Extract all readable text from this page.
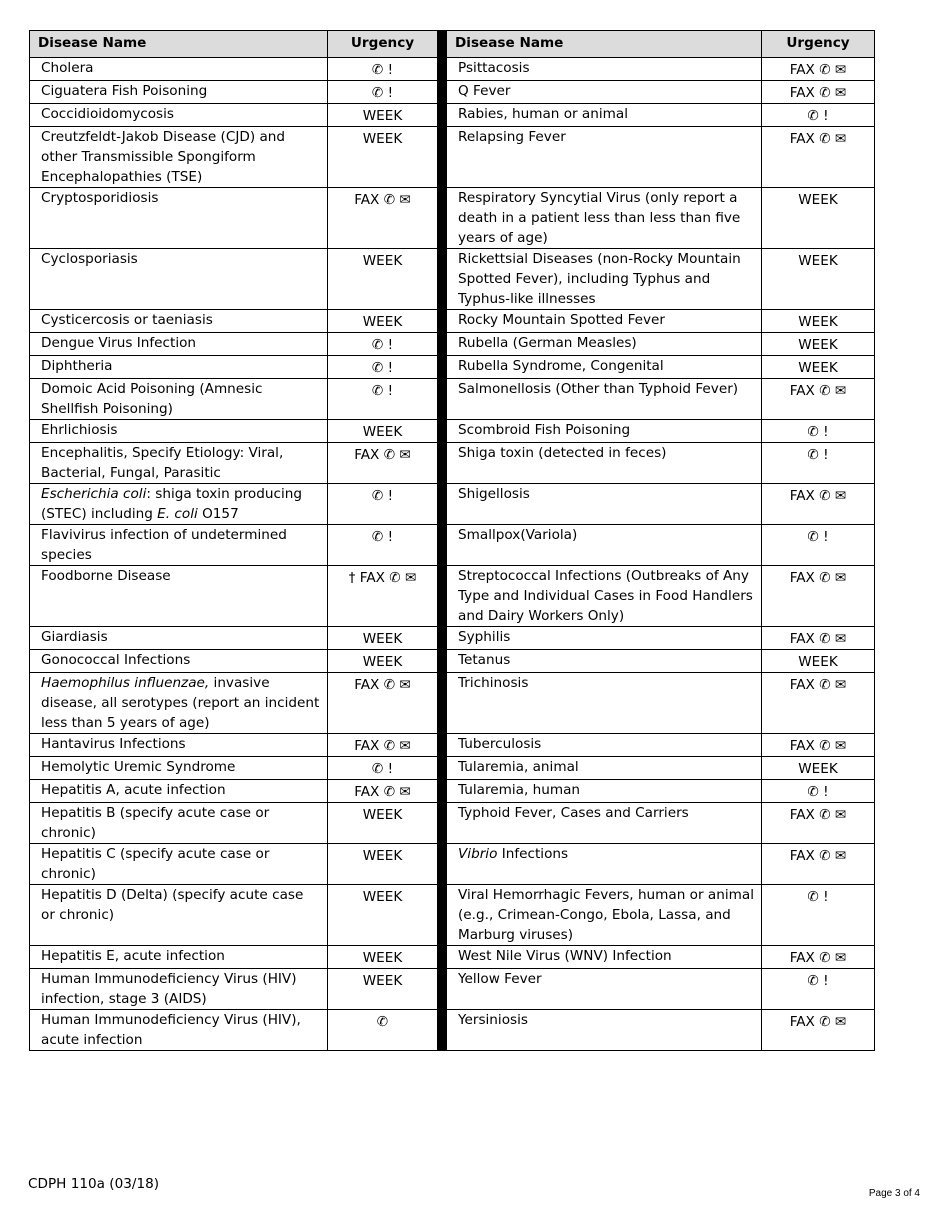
Disease Name	Urgency		Disease Name	Urgency
Cholera	✆ !		Psittacosis	FAX ✆ ✉
Ciguatera Fish Poisoning	✆ !		Q Fever	FAX ✆ ✉
Coccidioidomycosis	WEEK		Rabies, human or animal	✆ !
Creutzfeldt-Jakob Disease (CJD) and other Transmissible Spongiform Encephalopathies (TSE)	WEEK		Relapsing Fever	FAX ✆ ✉
Cryptosporidiosis	FAX ✆ ✉		Respiratory Syncytial Virus (only report a death in a patient less than less than five years of age)	WEEK
Cyclosporiasis	WEEK		Rickettsial Diseases (non-Rocky Mountain Spotted Fever), including Typhus and Typhus-like illnesses	WEEK
Cysticercosis or taeniasis	WEEK		Rocky Mountain Spotted Fever	WEEK
Dengue Virus Infection	✆ !		Rubella (German Measles)	WEEK
Diphtheria	✆ !		Rubella Syndrome, Congenital	WEEK
Domoic Acid Poisoning (Amnesic Shellfish Poisoning)	✆ !		Salmonellosis (Other than Typhoid Fever)	FAX ✆ ✉
Ehrlichiosis	WEEK		Scombroid Fish Poisoning	✆ !
Encephalitis, Specify Etiology: Viral, Bacterial, Fungal, Parasitic	FAX ✆ ✉		Shiga toxin (detected in feces)	✆ !
Escherichia coli: shiga toxin producing (STEC) including E. coli O157	✆ !		Shigellosis	FAX ✆ ✉
Flavivirus infection of undetermined species	✆ !		Smallpox(Variola)	✆ !
Foodborne Disease	† FAX ✆ ✉		Streptococcal Infections (Outbreaks of Any Type and Individual Cases in Food Handlers and Dairy Workers Only)	FAX ✆ ✉
Giardiasis	WEEK		Syphilis	FAX ✆ ✉
Gonococcal Infections	WEEK		Tetanus	WEEK
Haemophilus influenzae, invasive disease, all serotypes (report an incident less than 5 years of age)	FAX ✆ ✉		Trichinosis	FAX ✆ ✉
Hantavirus Infections	FAX ✆ ✉		Tuberculosis	FAX ✆ ✉
Hemolytic Uremic Syndrome	✆ !		Tularemia, animal	WEEK
Hepatitis A, acute infection	FAX ✆ ✉		Tularemia, human	✆ !
Hepatitis B (specify acute case or chronic)	WEEK		Typhoid Fever, Cases and Carriers	FAX ✆ ✉
Hepatitis C (specify acute case or chronic)	WEEK		Vibrio Infections	FAX ✆ ✉
Hepatitis D (Delta) (specify acute case or chronic)	WEEK		Viral Hemorrhagic Fevers, human or animal (e.g., Crimean-Congo, Ebola, Lassa, and Marburg viruses)	✆ !
Hepatitis E, acute infection	WEEK		West Nile Virus (WNV) Infection	FAX ✆ ✉
Human Immunodeficiency Virus (HIV) infection, stage 3 (AIDS)	WEEK		Yellow Fever	✆ !
Human Immunodeficiency Virus (HIV), acute infection	✆		Yersiniosis	FAX ✆ ✉
CDPH 110a (03/18)
Page 3 of 4
